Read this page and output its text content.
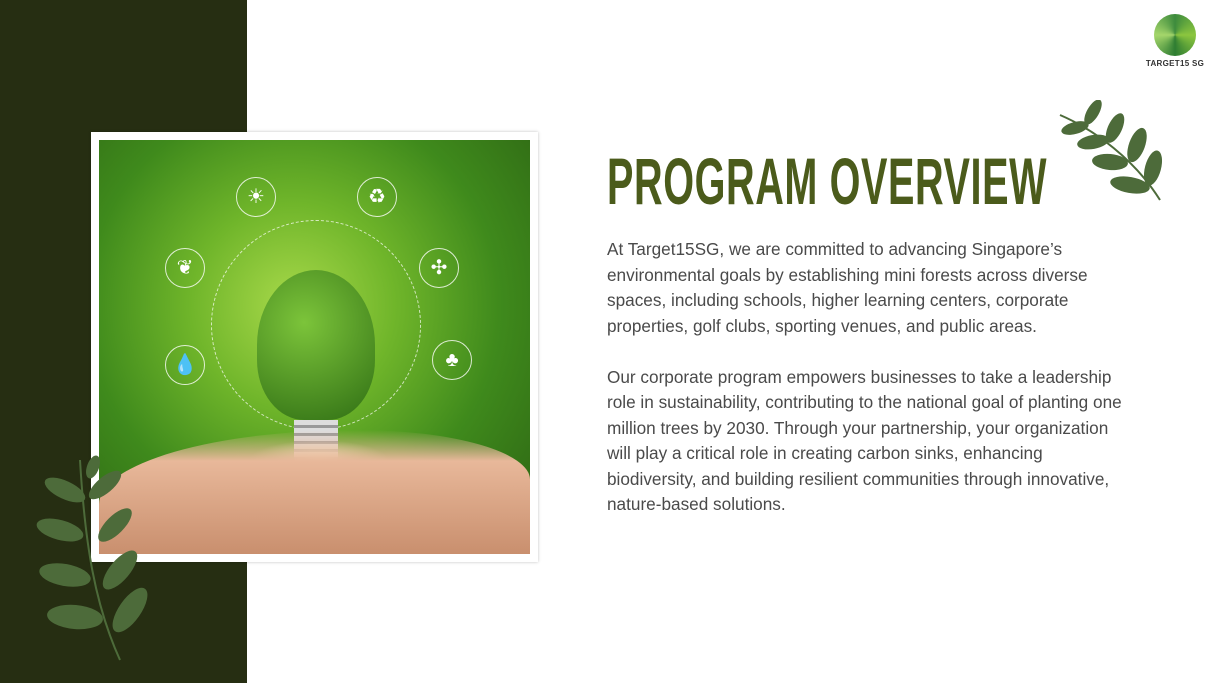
☀	♻
❦	✣
💧	♣
TARGET15 SG
PROGRAM OVERVIEW

At Target15SG, we are committed to advancing Singapore’s environmental goals by establishing mini forests across diverse spaces, including schools, higher learning centers, corporate properties, golf clubs, sporting venues, and public areas.

Our corporate program empowers businesses to take a leadership role in sustainability, contributing to the national goal of planting one million trees by 2030. Through your partnership, your organization will play a critical role in creating carbon sinks, enhancing biodiversity, and building resilient communities through innovative, nature-based solutions.
